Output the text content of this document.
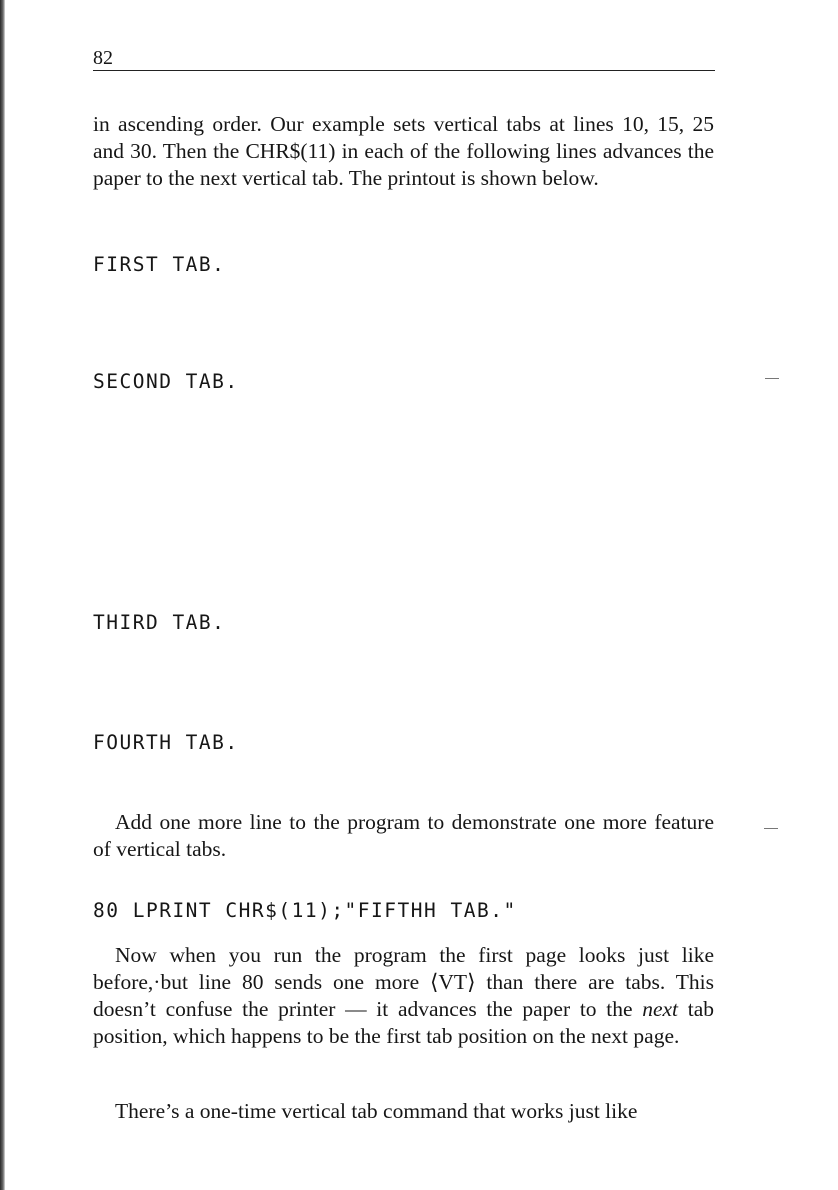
82

in ascending order. Our example sets vertical tabs at lines 10, 15, 25 and 30. Then the CHR$(11) in each of the following lines advances the paper to the next vertical tab. The printout is shown below.

FIRST TAB.
SECOND TAB.
THIRD TAB.
FOURTH TAB.

Add one more line to the program to demonstrate one more feature of vertical tabs.

80 LPRINT CHR$(11);"FIFTHH TAB."

Now when you run the program the first page looks just like before,·but line 80 sends one more ⟨VT⟩ than there are tabs. This doesn’t confuse the printer — it advances the paper to the next tab position, which happens to be the first tab position on the next page.

There’s a one-time vertical tab command that works just like
